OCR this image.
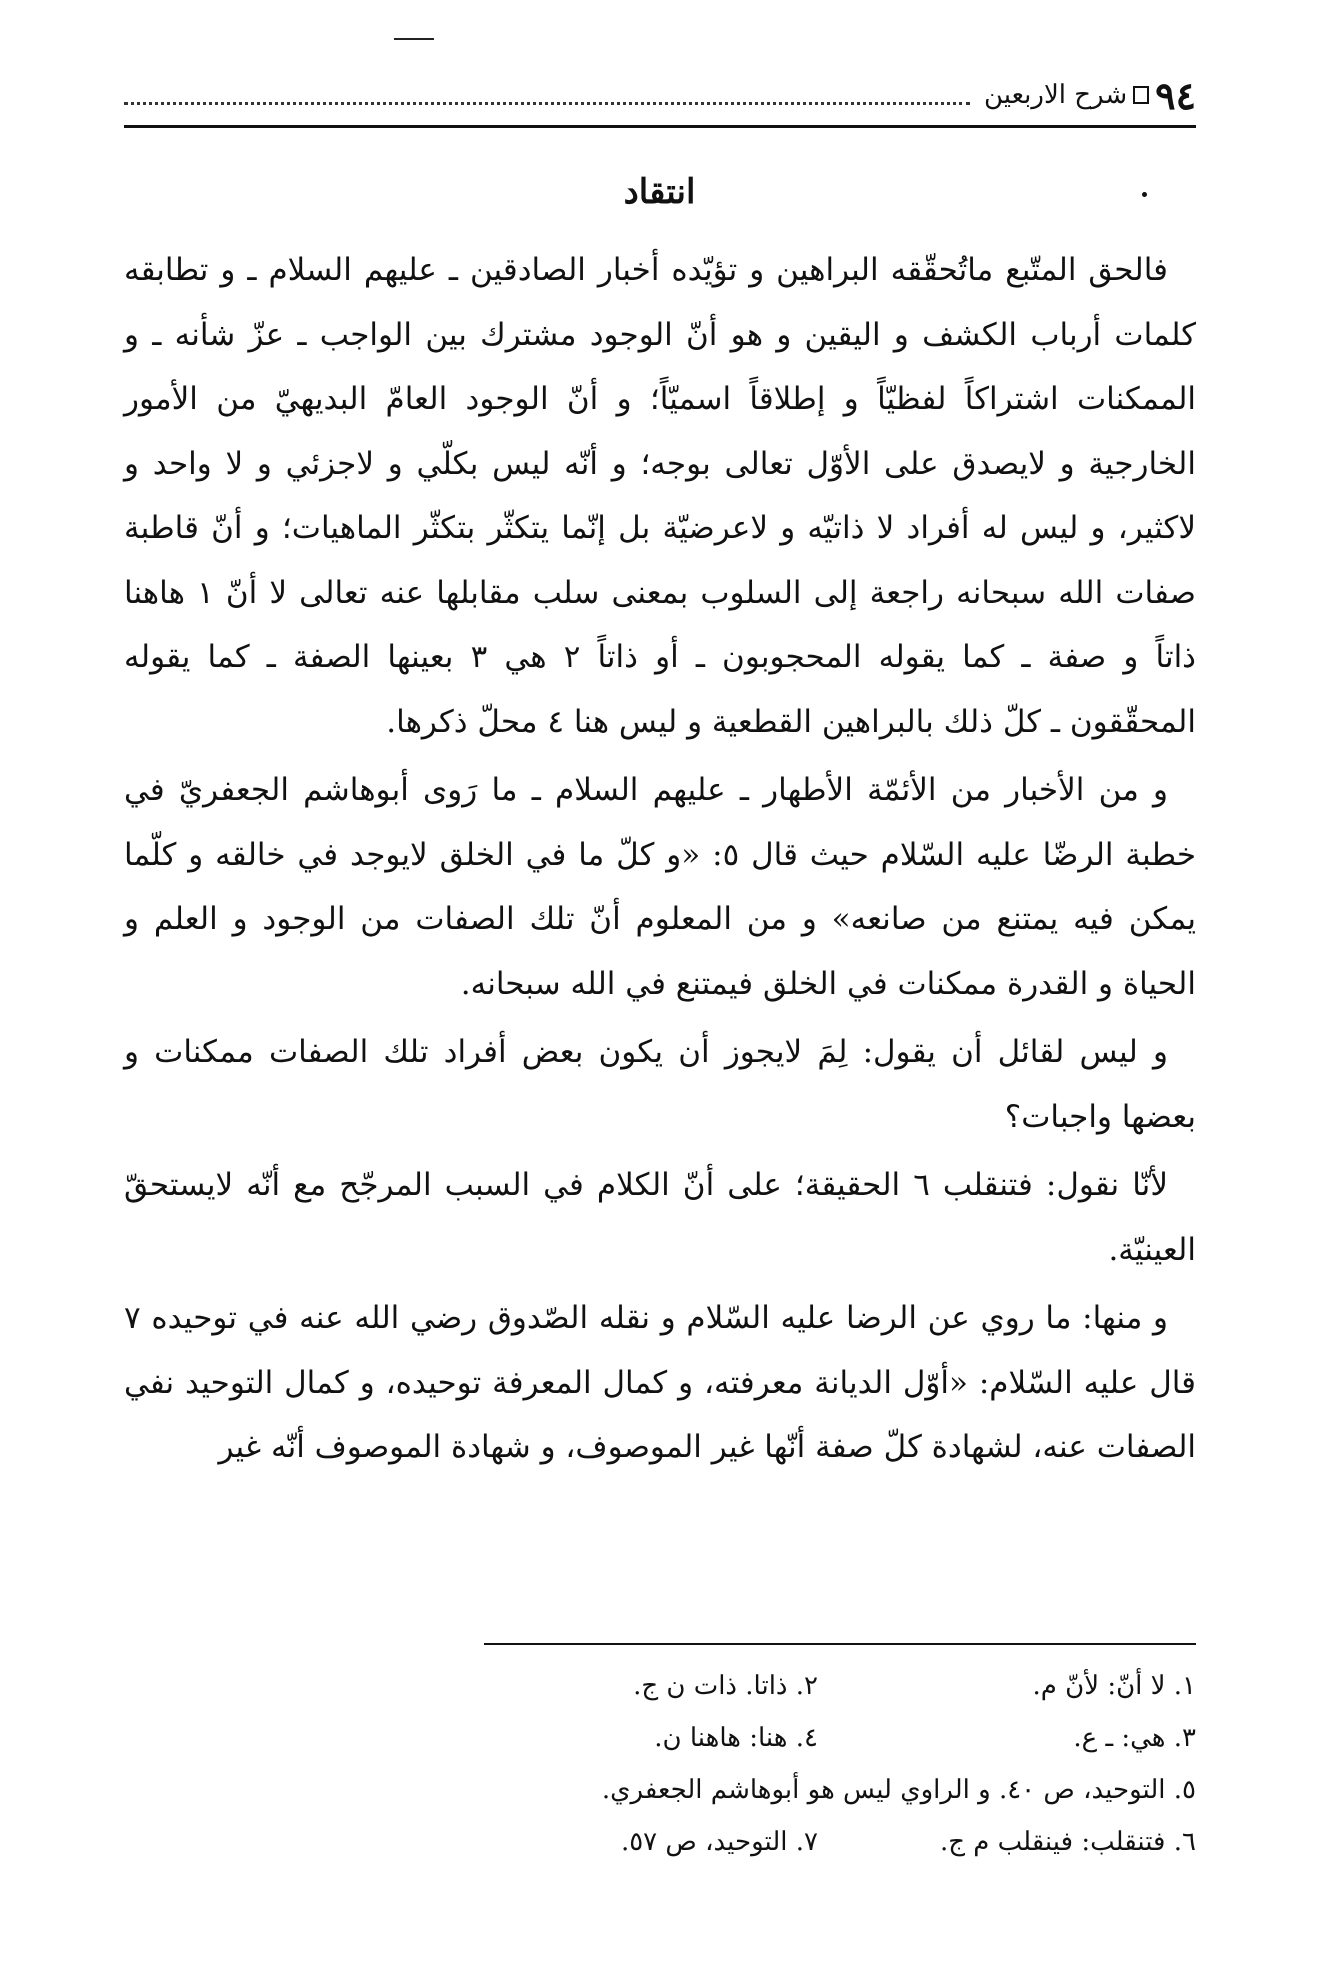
٩٤
شرح الاربعين
انتقاد

فالحق المتّبع ماتُحقّقه البراهين و تؤيّده أخبار الصادقين ـ عليهم السلام ـ و تطابقه كلمات أرباب الكشف و اليقين و هو أنّ الوجود مشترك بين الواجب ـ عزّ شأنه ـ و الممكنات اشتراكاً لفظيّاً و إطلاقاً اسميّاً؛ و أنّ الوجود العامّ البديهيّ من الأمور الخارجية و لايصدق على الأوّل تعالى بوجه؛ و أنّه ليس بكلّي و لاجزئي و لا واحد و لاكثير، و ليس له أفراد لا ذاتيّه و لاعرضيّة بل إنّما يتكثّر بتكثّر الماهيات؛ و أنّ قاطبة صفات الله سبحانه راجعة إلى السلوب بمعنى سلب مقابلها عنه تعالى لا أنّ ١ هاهنا ذاتاً و صفة ـ كما يقوله المحجوبون ـ أو ذاتاً ٢ هي ٣ بعينها الصفة ـ كما يقوله المحقّقون ـ كلّ ذلك بالبراهين القطعية و ليس هنا ٤ محلّ ذكرها.

و من الأخبار من الأئمّة الأطهار ـ عليهم السلام ـ ما رَوى أبوهاشم الجعفريّ في خطبة الرضّا عليه السّلام حيث قال ٥: «و كلّ ما في الخلق لايوجد في خالقه و كلّما يمكن فيه يمتنع من صانعه» و من المعلوم أنّ تلك الصفات من الوجود و العلم و الحياة و القدرة ممكنات في الخلق فيمتنع في الله سبحانه.

و ليس لقائل أن يقول: لِمَ لايجوز أن يكون بعض أفراد تلك الصفات ممكنات و بعضها واجبات؟

لأنّا نقول: فتنقلب ٦ الحقيقة؛ على أنّ الكلام في السبب المرجّح مع أنّه لايستحقّ العينيّة.

و منها: ما روي عن الرضا عليه السّلام و نقله الصّدوق رضي الله عنه في توحيده ٧ قال عليه السّلام: «أوّل الديانة معرفته، و كمال المعرفة توحيده، و كمال التوحيد نفي الصفات عنه، لشهادة كلّ صفة أنّها غير الموصوف، و شهادة الموصوف أنّه غير

١. لا أنّ: لأنّ م.
٢. ذاتا. ذات ن ج.
٣. هي: ـ ع.
٤. هنا: هاهنا ن.
٥. التوحيد، ص ٤٠. و الراوي ليس هو أبوهاشم الجعفري.
٦. فتنقلب: فينقلب م ج.
٧. التوحيد، ص ٥٧.
